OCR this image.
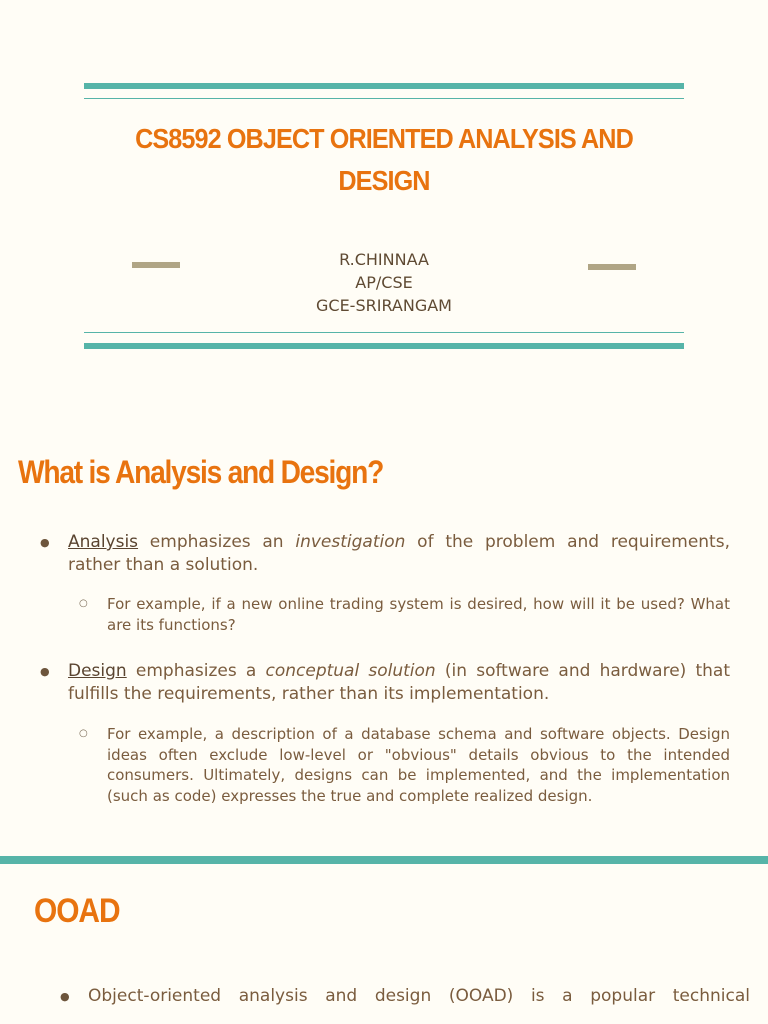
CS8592 OBJECT ORIENTED ANALYSIS AND DESIGN
R.CHINNAA
AP/CSE
GCE-SRIRANGAM
What is Analysis and Design?
● Analysis emphasizes an investigation of the problem and requirements, rather than a solution.
○ For example, if a new online trading system is desired, how will it be used? What are its functions?
● Design emphasizes a conceptual solution (in software and hardware) that fulfills the requirements, rather than its implementation.
○ For example, a description of a database schema and software objects. Design ideas often exclude low-level or "obvious" details obvious to the intended consumers. Ultimately, designs can be implemented, and the implementation (such as code) expresses the true and complete realized design.
OOAD
● Object-oriented analysis and design (OOAD) is a popular technical
